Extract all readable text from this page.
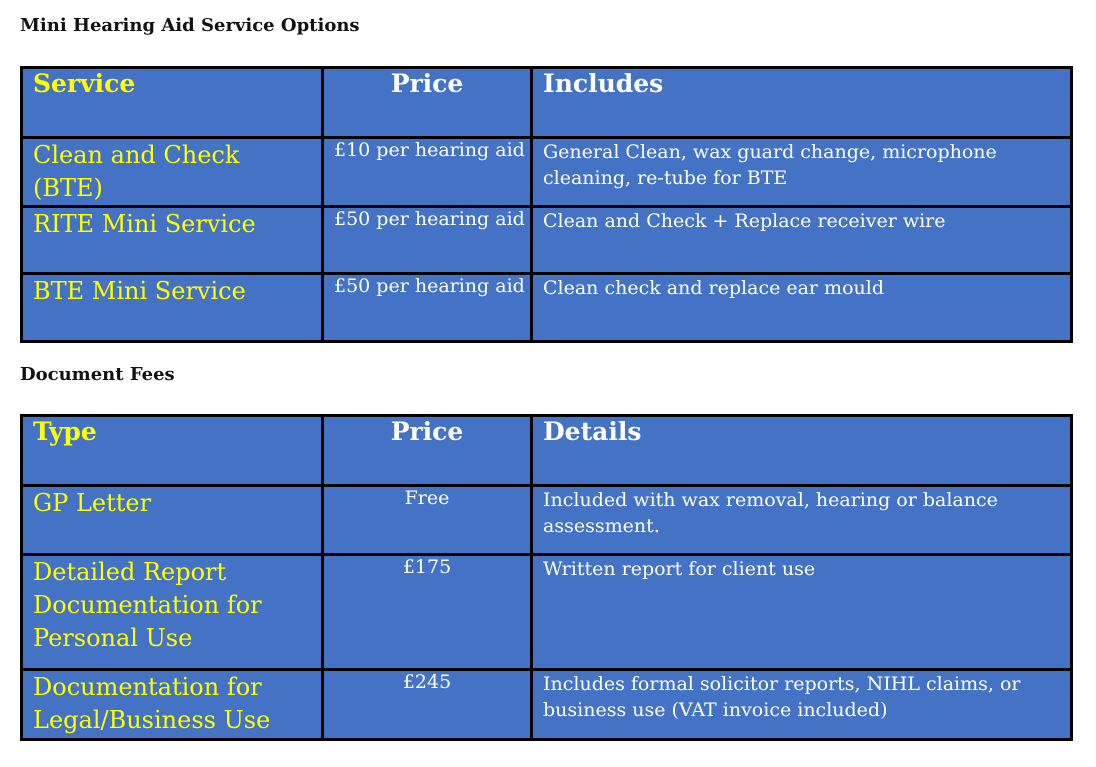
Mini Hearing Aid Service Options
Service	Price	Includes
Clean and Check (BTE)	£10 per hearing aid	General Clean, wax guard change, microphone cleaning, re-tube for BTE
RITE Mini Service	£50 per hearing aid	Clean and Check + Replace receiver wire
BTE Mini Service	£50 per hearing aid	Clean check and replace ear mould
Document Fees
Type	Price	Details
GP Letter	Free	Included with wax removal, hearing or balance assessment.
Detailed Report Documentation for Personal Use	£175	Written report for client use
Documentation for Legal/Business Use	£245	Includes formal solicitor reports, NIHL claims, or business use (VAT invoice included)
